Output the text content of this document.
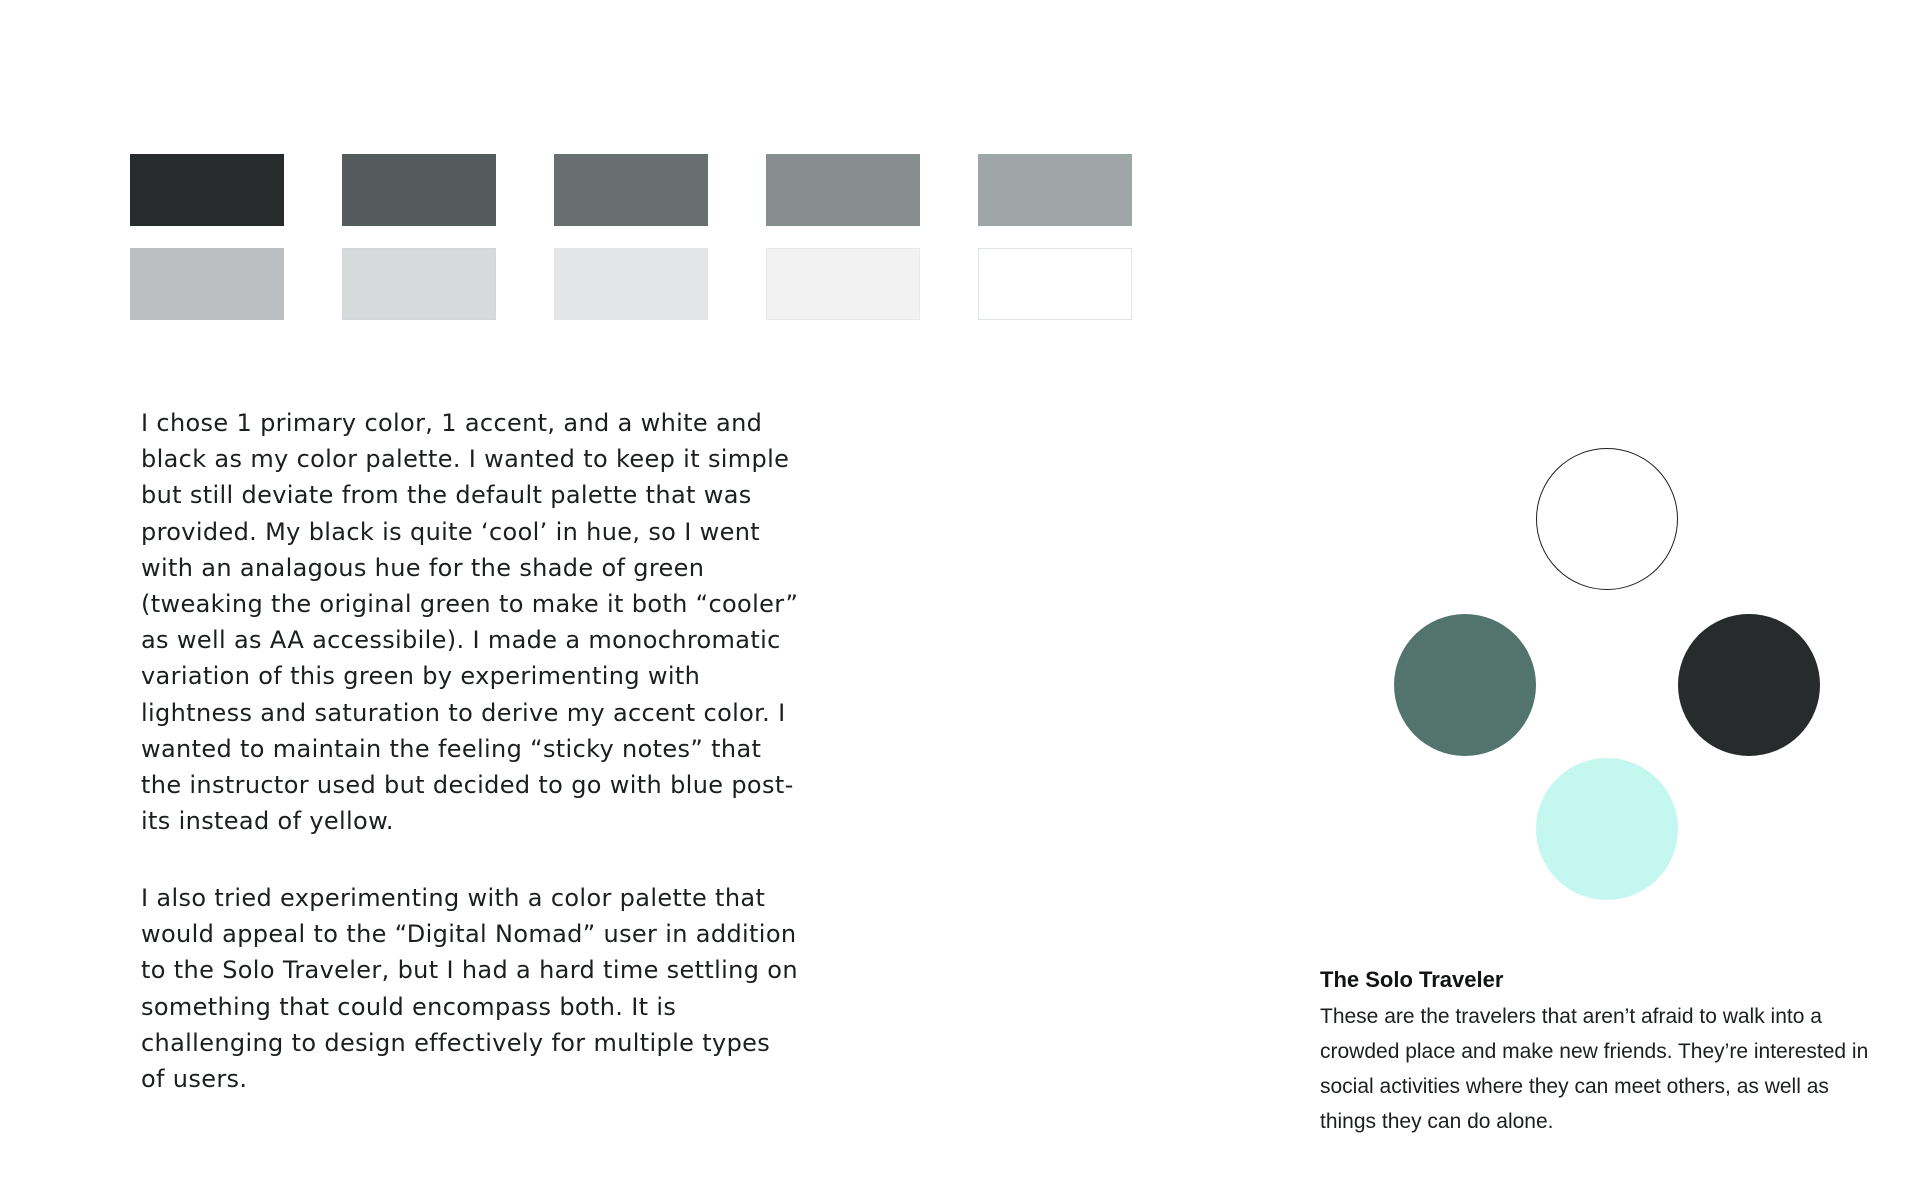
I chose 1 primary color, 1 accent, and a white and black as my color palette. I wanted to keep it simple but still deviate from the default palette that was provided. My black is quite ‘cool’ in hue, so I went with an analagous hue for the shade of green (tweaking the original green to make it both “cooler” as well as AA accessibile). I made a monochromatic variation of this green by experimenting with lightness and saturation to derive my accent color. I wanted to maintain the feeling “sticky notes” that the instructor used but decided to go with blue post-its instead of yellow.

I also tried experimenting with a color palette that would appeal to the “Digital Nomad” user in addition to the Solo Traveler, but I had a hard time settling on something that could encompass both. It is challenging to design effectively for multiple types of users.

The Solo Traveler

These are the travelers that aren’t afraid to walk into a crowded place and make new friends. They’re interested in social activities where they can meet others, as well as things they can do alone.
